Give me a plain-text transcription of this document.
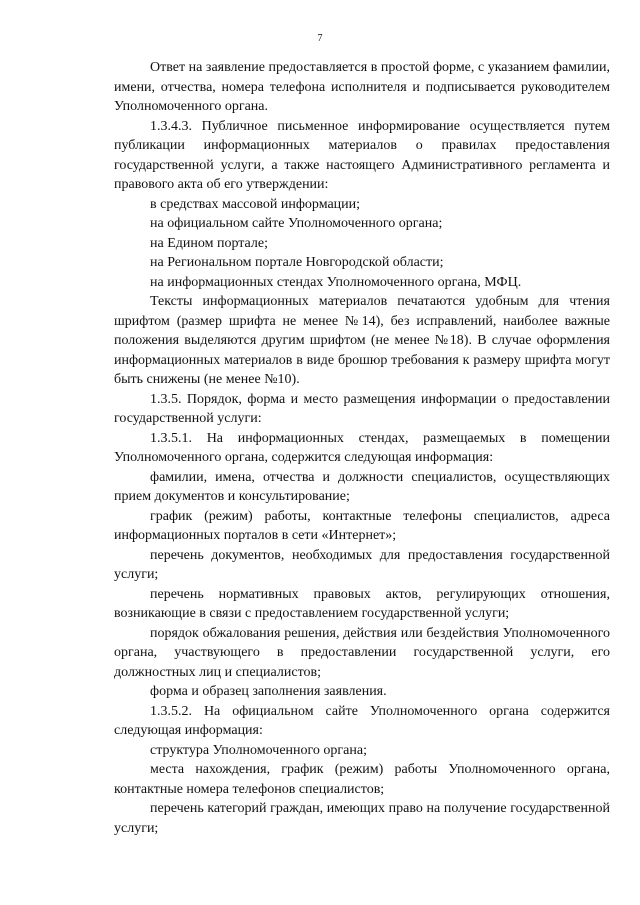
7

Ответ на заявление предоставляется в простой форме, с указанием фамилии, имени, отчества, номера телефона исполнителя и подписывается руководителем Уполномоченного органа.

1.3.4.3. Публичное письменное информирование осуществляется путем публикации информационных материалов о правилах предоставления государственной услуги, а также настоящего Административного регламента и правового акта об его утверждении:

в средствах массовой информации;

на официальном сайте Уполномоченного органа;

на Едином портале;

на Региональном портале Новгородской области;

на информационных стендах Уполномоченного органа, МФЦ.

Тексты информационных материалов печатаются удобным для чтения шрифтом (размер шрифта не менее №14), без исправлений, наиболее важные положения выделяются другим шрифтом (не менее №18). В случае оформления информационных материалов в виде брошюр требования к размеру шрифта могут быть снижены (не менее №10).

1.3.5. Порядок, форма и место размещения информации о предоставлении государственной услуги:

1.3.5.1. На информационных стендах, размещаемых в помещении Уполномоченного органа, содержится следующая информация:

фамилии, имена, отчества и должности специалистов, осуществляющих прием документов и консультирование;

график (режим) работы, контактные телефоны специалистов, адреса информационных порталов в сети «Интернет»;

перечень документов, необходимых для предоставления государственной услуги;

перечень нормативных правовых актов, регулирующих отношения, возникающие в связи с предоставлением государственной услуги;

порядок обжалования решения, действия или бездействия Уполномоченного органа, участвующего в предоставлении государственной услуги, его должностных лиц и специалистов;

форма и образец заполнения заявления.

1.3.5.2. На официальном сайте Уполномоченного органа содержится следующая информация:

структура Уполномоченного органа;

места нахождения, график (режим) работы Уполномоченного органа, контактные номера телефонов специалистов;

перечень категорий граждан, имеющих право на получение государственной услуги;
